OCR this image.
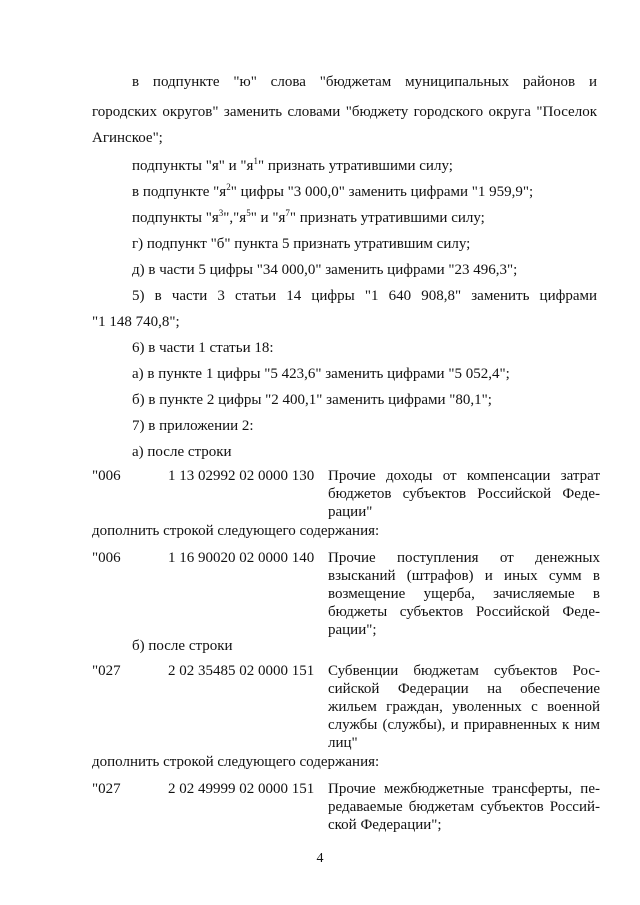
в подпункте "ю" слова "бюджетам муниципальных районов и
городских округов" заменить словами "бюджету городского округа "Поселок
Агинское";
подпункты "я" и "$я^1$" признать утратившими силу;
в подпункте "$я^2$" цифры "3 000,0" заменить цифрами "1 959,9";
подпункты "$я^3","я^5$" и "$я^7$" признать утратившими силу;
г) подпункт "б" пункта 5 признать утратившим силу;
д) в части 5 цифры "34 000,0" заменить цифрами "23 496,3";
5) в части 3 статьи 14 цифры "1 640 908,8" заменить цифрами
"1 148 740,8";
6) в части 1 статьи 18:
а) в пункте 1 цифры "5 423,6" заменить цифрами "5 052,4";
б) в пункте 2 цифры "2 400,1" заменить цифрами "80,1";
7) в приложении 2:
а) после строки
"006	1 13 02992 02 0000 130 Прочие доходы от компенсации затрат
бюджетов субъектов Российской Феде-
рации"
дополнить строкой следующего содержания:
"006	1 16 90020 02 0000 140 Прочие поступления от денежных
взысканий (штрафов) и иных сумм в
возмещение ущерба, зачисляемые в
бюджеты субъектов Российской Феде-
рации";
б) после строки
"027	2 02 35485 02 0000 151 Субвенции бюджетам субъектов Рос-
сийской Федерации на обеспечение
жильем граждан, уволенных с военной
службы (службы), и приравненных к ним
лиц"
дополнить строкой следующего содержания:
"027	2 02 49999 02 0000 151 Прочие межбюджетные трансферты, пе-
редаваемые бюджетам субъектов Россий-
ской Федерации";
4
